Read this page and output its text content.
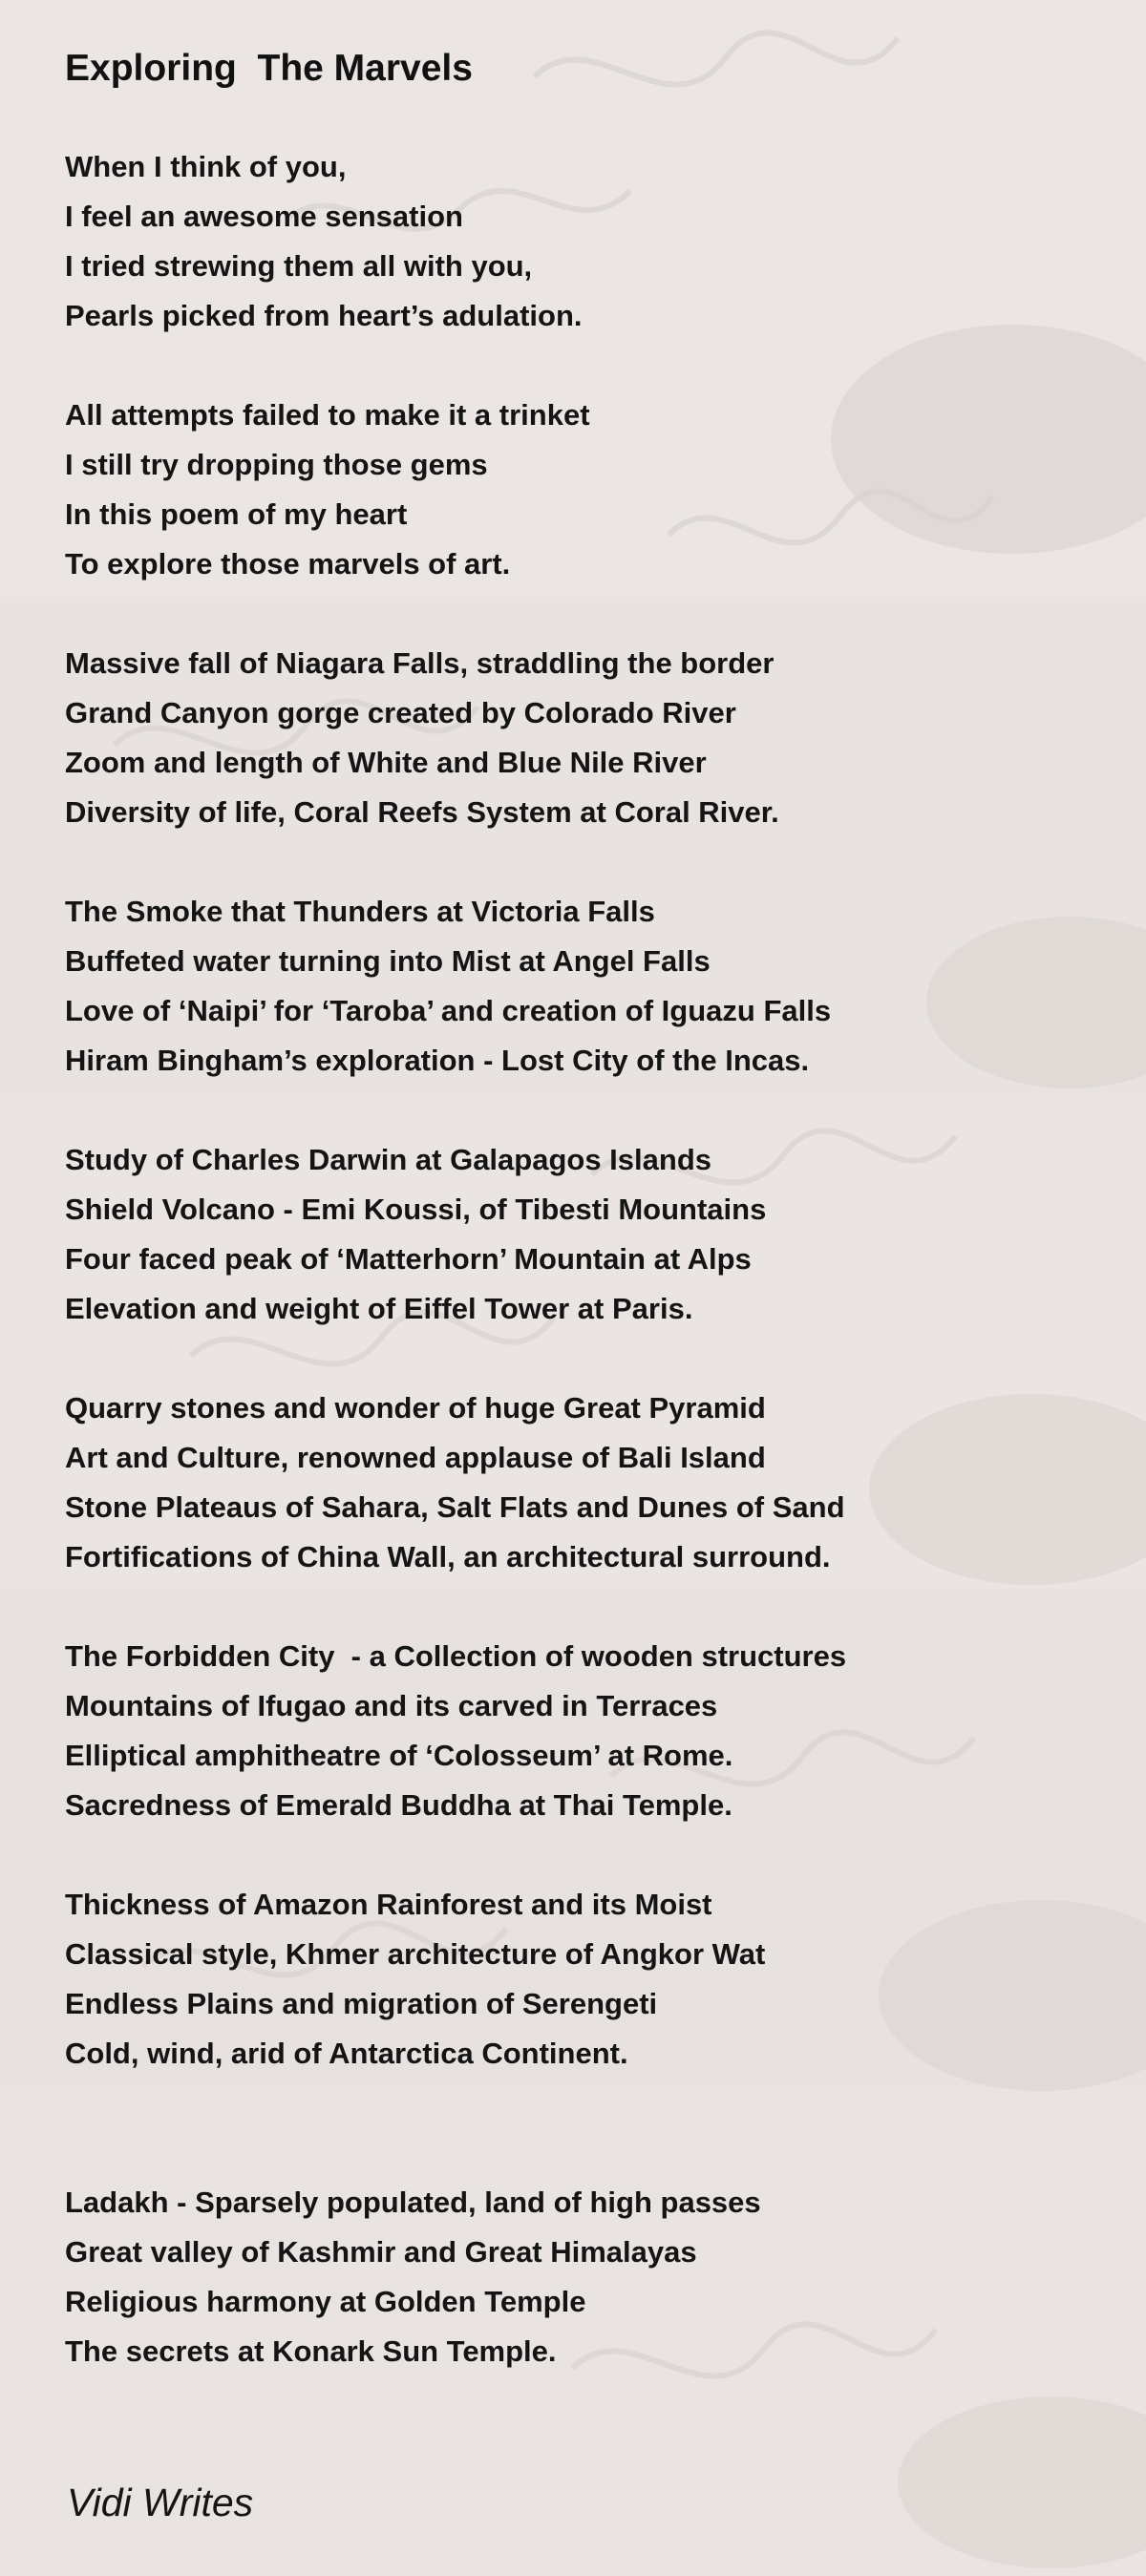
Exploring  The Marvels
When I think of you,
I feel an awesome sensation
I tried strewing them all with you,
Pearls picked from heart’s adulation.
All attempts failed to make it a trinket
I still try dropping those gems
In this poem of my heart
To explore those marvels of art.
Massive fall of Niagara Falls, straddling the border
Grand Canyon gorge created by Colorado River
Zoom and length of White and Blue Nile River
Diversity of life, Coral Reefs System at Coral River.
The Smoke that Thunders at Victoria Falls
Buffeted water turning into Mist at Angel Falls
Love of ‘Naipi’ for ‘Taroba’ and creation of Iguazu Falls
Hiram Bingham’s exploration - Lost City of the Incas.
Study of Charles Darwin at Galapagos Islands
Shield Volcano - Emi Koussi, of Tibesti Mountains
Four faced peak of ‘Matterhorn’ Mountain at Alps
Elevation and weight of Eiffel Tower at Paris.
Quarry stones and wonder of huge Great Pyramid
Art and Culture, renowned applause of Bali Island
Stone Plateaus of Sahara, Salt Flats and Dunes of Sand
Fortifications of China Wall, an architectural surround.
The Forbidden City  - a Collection of wooden structures
Mountains of Ifugao and its carved in Terraces
Elliptical amphitheatre of ‘Colosseum’ at Rome.
Sacredness of Emerald Buddha at Thai Temple.
Thickness of Amazon Rainforest and its Moist
Classical style, Khmer architecture of Angkor Wat
Endless Plains and migration of Serengeti
Cold, wind, arid of Antarctica Continent.
Ladakh - Sparsely populated, land of high passes
Great valley of Kashmir and Great Himalayas
Religious harmony at Golden Temple
The secrets at Konark Sun Temple.
Vidi Writes
